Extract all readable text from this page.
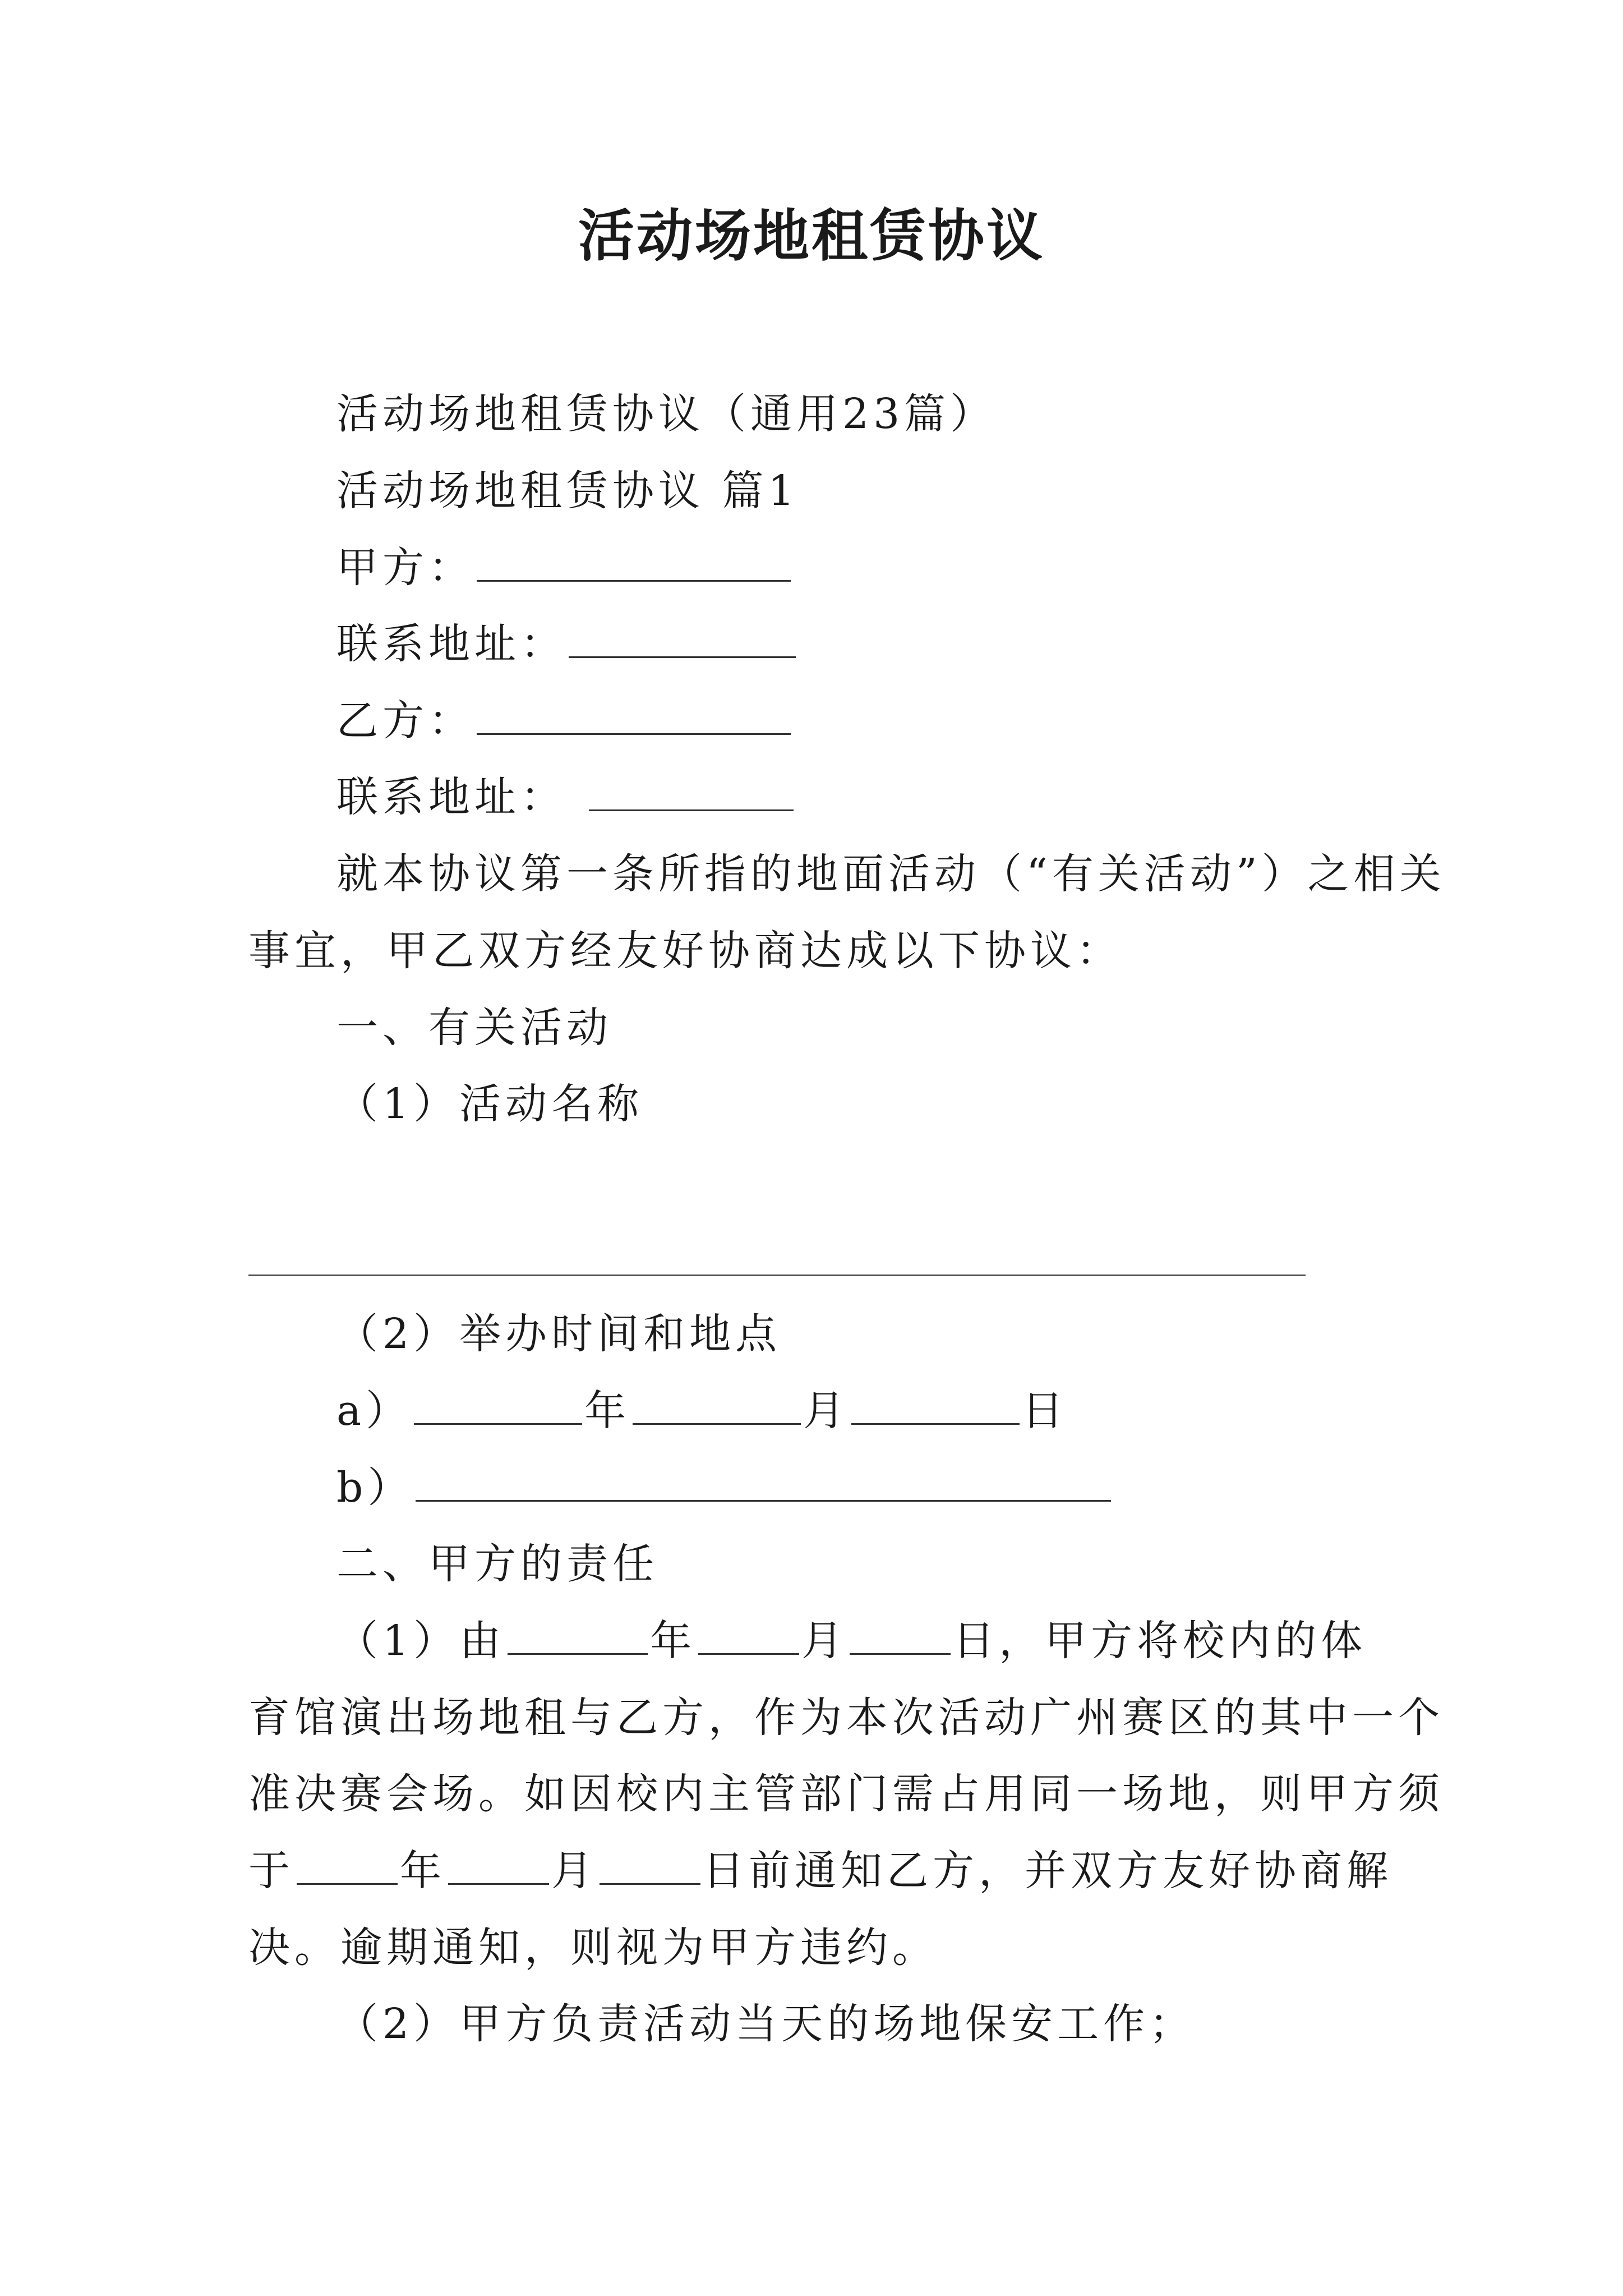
活动场地租赁协议
活动场地租赁协议（通用23篇）
活动场地租赁协议 篇1
甲方：
联系地址：
乙方：
联系地址：
就本协议第一条所指的地面活动（“有关活动”）之相关
事宜，甲乙双方经友好协商达成以下协议：
一、有关活动
（1）活动名称
（2）举办时间和地点
a）	年	月	日
b）
二、甲方的责任
（1）由	年	月	日，甲方将校内的体
育馆演出场地租与乙方，作为本次活动广州赛区的其中一个
准决赛会场。如因校内主管部门需占用同一场地，则甲方须
于	年	月	日前通知乙方，并双方友好协商解
决。逾期通知，则视为甲方违约。
（2）甲方负责活动当天的场地保安工作；
